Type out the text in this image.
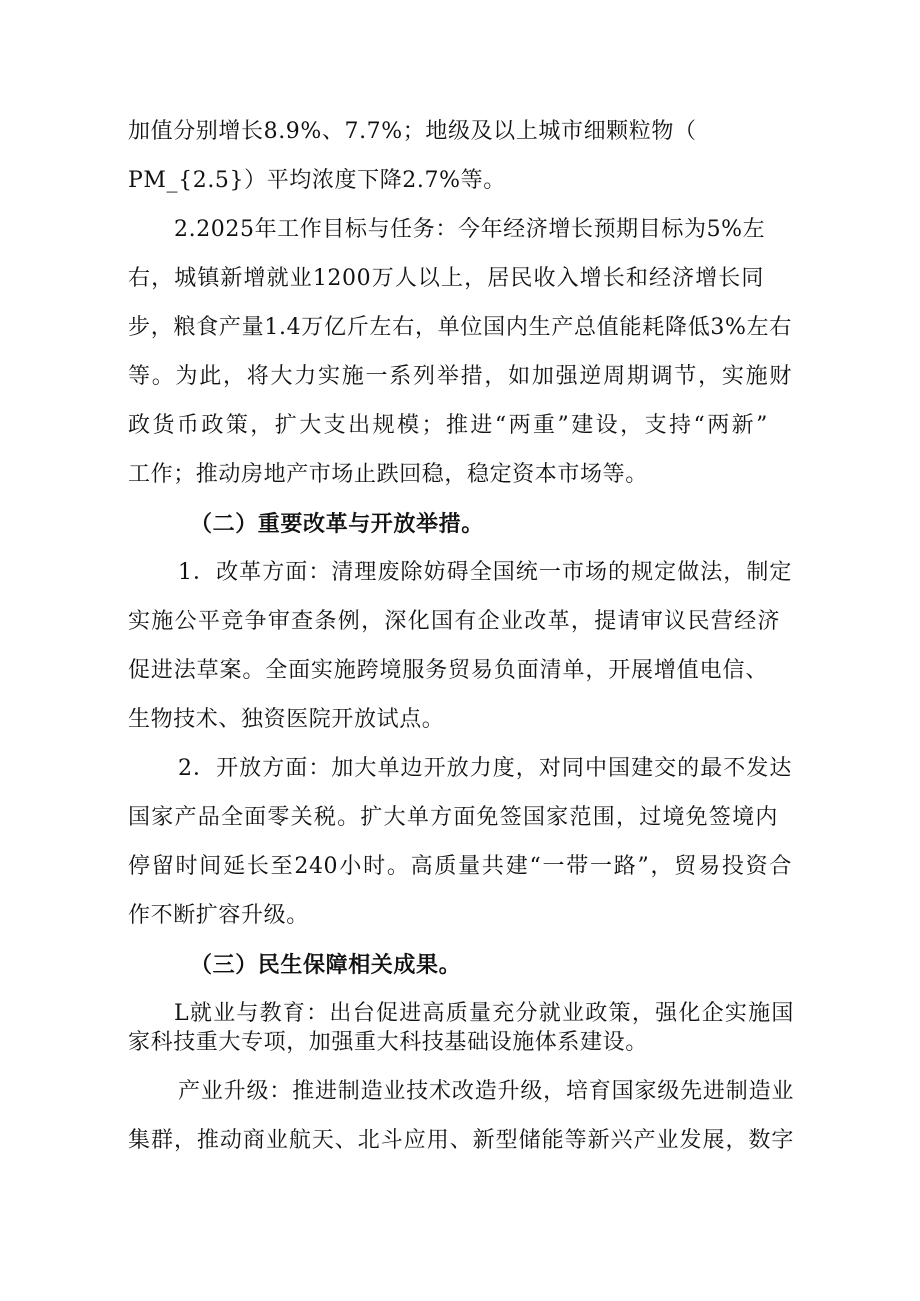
加值分别增长8.9%、7.7%；地级及以上城市细颗粒物（
PM_{2.5}）平均浓度下降2.7%等。
2.2025年工作目标与任务：今年经济增长预期目标为5%左
右，城镇新增就业1200万人以上，居民收入增长和经济增长同
步，粮食产量1.4万亿斤左右，单位国内生产总值能耗降低3%左右
等。为此，将大力实施一系列举措，如加强逆周期调节，实施财
政货币政策，扩大支出规模；推进“两重”建设，支持“两新”
工作；推动房地产市场止跌回稳，稳定资本市场等。
（二）重要改革与开放举措。
1．改革方面：清理废除妨碍全国统一市场的规定做法，制定
实施公平竞争审查条例，深化国有企业改革，提请审议民营经济
促进法草案。全面实施跨境服务贸易负面清单，开展增值电信、
生物技术、独资医院开放试点。
2．开放方面：加大单边开放力度，对同中国建交的最不发达
国家产品全面零关税。扩大单方面免签国家范围，过境免签境内
停留时间延长至240小时。高质量共建“一带一路”，贸易投资合
作不断扩容升级。
（三）民生保障相关成果。
L就业与教育：出台促进高质量充分就业政策，强化企实施国
家科技重大专项，加强重大科技基础设施体系建设。
产业升级：推进制造业技术改造升级，培育国家级先进制造业
集群，推动商业航天、北斗应用、新型储能等新兴产业发展，数字
